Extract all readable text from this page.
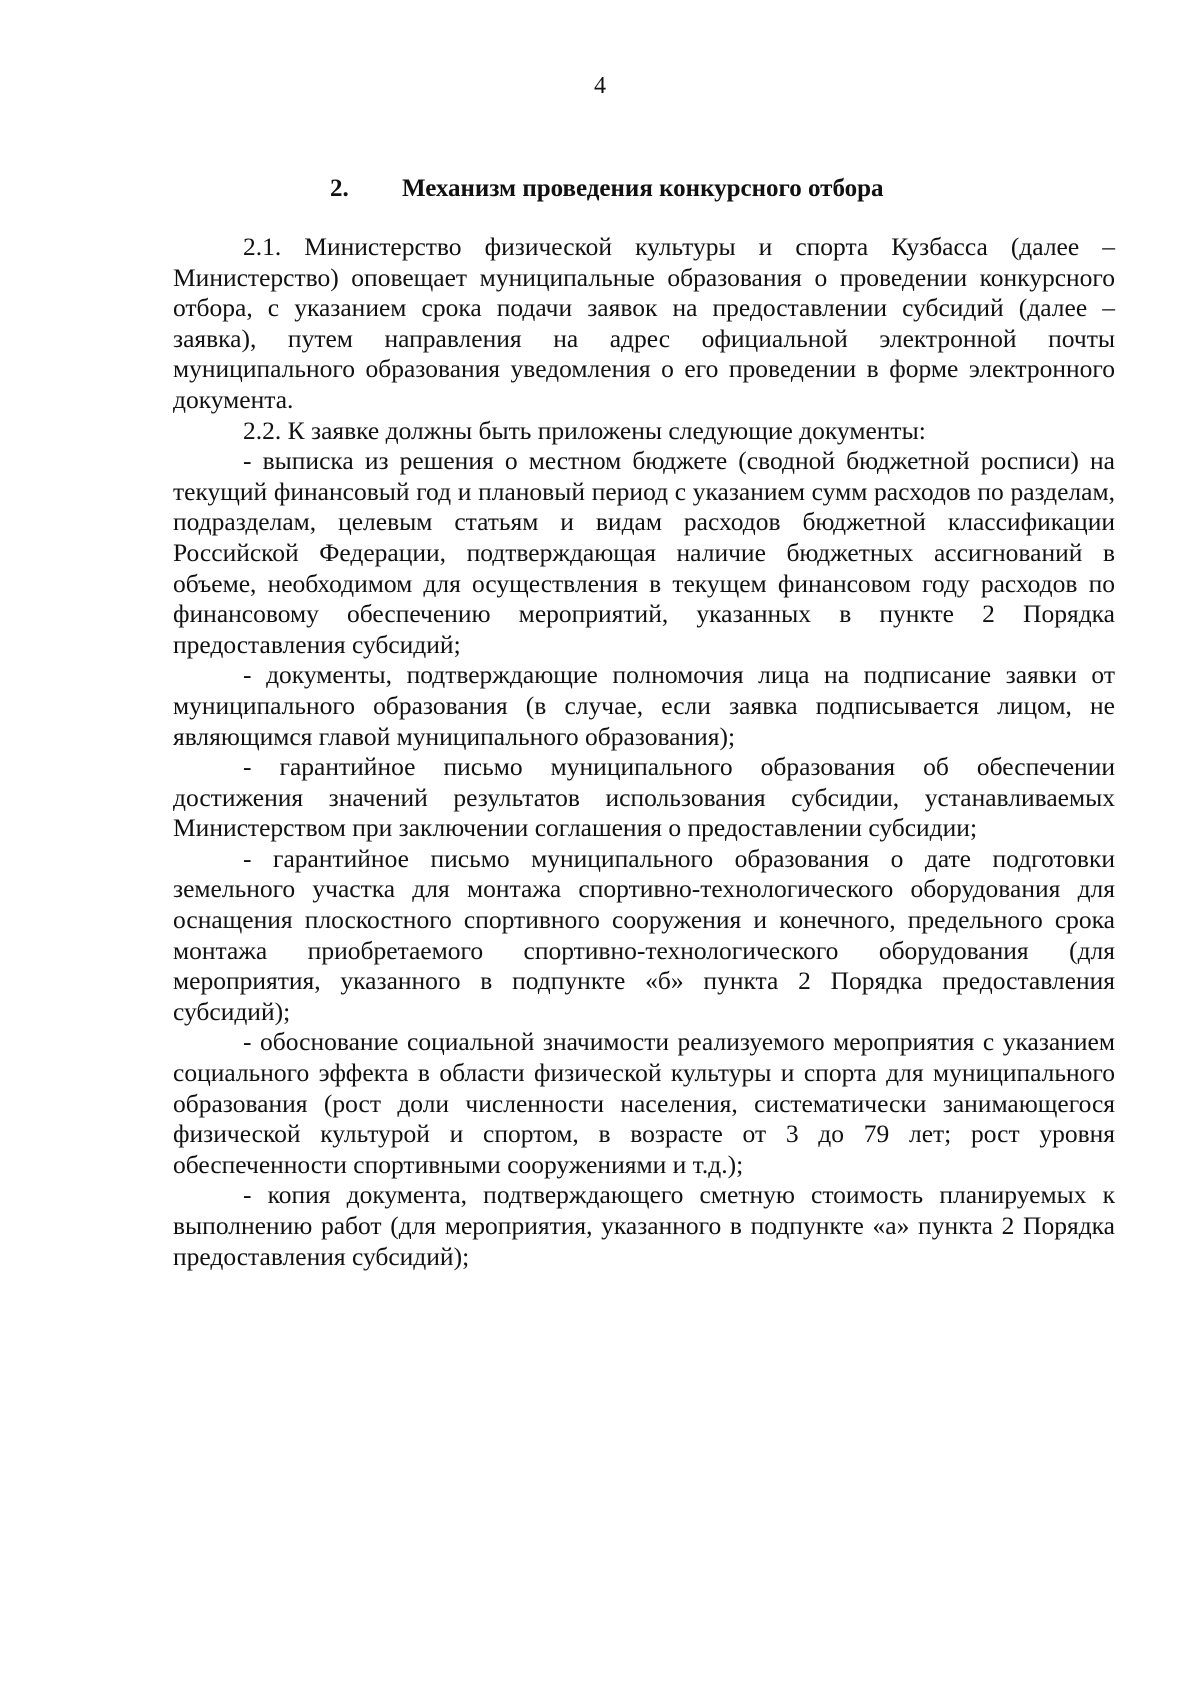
4
2. Механизм проведения конкурсного отбора

2.1. Министерство физической культуры и спорта Кузбасса (далее – Министерство) оповещает муниципальные образования о проведении конкурсного отбора, с указанием срока подачи заявок на предоставлении субсидий (далее – заявка), путем направления на адрес официальной электронной почты муниципального образования уведомления о его проведении в форме электронного документа.

2.2. К заявке должны быть приложены следующие документы:

- выписка из решения о местном бюджете (сводной бюджетной росписи) на текущий финансовый год и плановый период с указанием сумм расходов по разделам, подразделам, целевым статьям и видам расходов бюджетной классификации Российской Федерации, подтверждающая наличие бюджетных ассигнований в объеме, необходимом для осуществления в текущем финансовом году расходов по финансовому обеспечению мероприятий, указанных в пункте 2 Порядка предоставления субсидий;

- документы, подтверждающие полномочия лица на подписание заявки от муниципального образования (в случае, если заявка подписывается лицом, не являющимся главой муниципального образования);

- гарантийное письмо муниципального образования об обеспечении достижения значений результатов использования субсидии, устанавливаемых Министерством при заключении соглашения о предоставлении субсидии;

- гарантийное письмо муниципального образования о дате подготовки земельного участка для монтажа спортивно-технологического оборудования для оснащения плоскостного спортивного сооружения и конечного, предельного срока монтажа приобретаемого спортивно-технологического оборудования (для мероприятия, указанного в подпункте «б» пункта 2 Порядка предоставления субсидий);

- обоснование социальной значимости реализуемого мероприятия с указанием социального эффекта в области физической культуры и спорта для муниципального образования (рост доли численности населения, систематически занимающегося физической культурой и спортом, в возрасте от 3 до 79 лет; рост уровня обеспеченности спортивными сооружениями и т.д.);

- копия документа, подтверждающего сметную стоимость планируемых к выполнению работ (для мероприятия, указанного в подпункте «а» пункта 2 Порядка предоставления субсидий);
